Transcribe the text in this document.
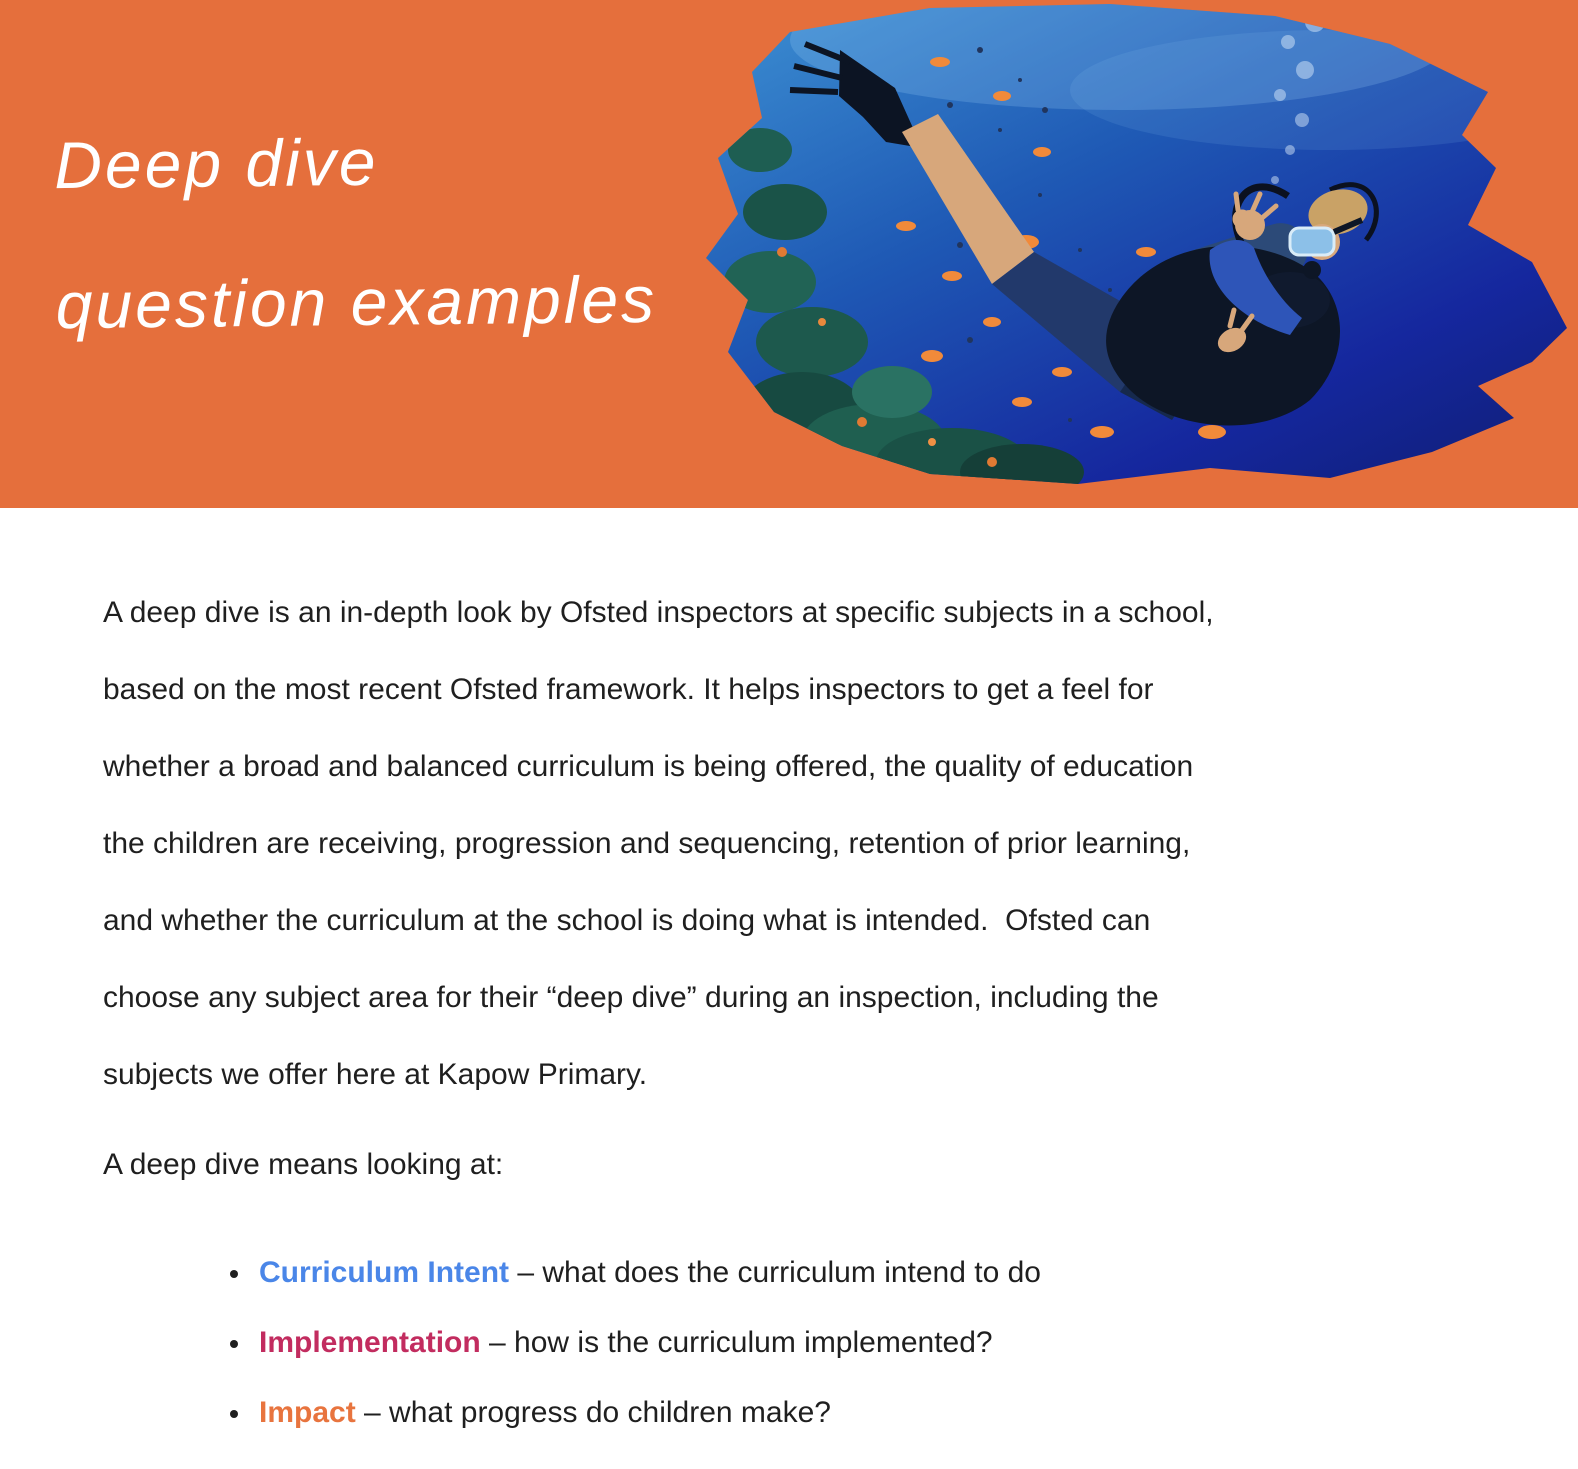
Deep dive
question examples
A deep dive is an in-depth look by Ofsted inspectors at specific subjects in a school,
based on the most recent Ofsted framework. It helps inspectors to get a feel for
whether a broad and balanced curriculum is being offered, the quality of education
the children are receiving, progression and sequencing, retention of prior learning,
and whether the curriculum at the school is doing what is intended.  Ofsted can
choose any subject area for their “deep dive” during an inspection, including the
subjects we offer here at Kapow Primary.
A deep dive means looking at:
• Curriculum Intent – what does the curriculum intend to do
• Implementation – how is the curriculum implemented?
• Impact – what progress do children make?
